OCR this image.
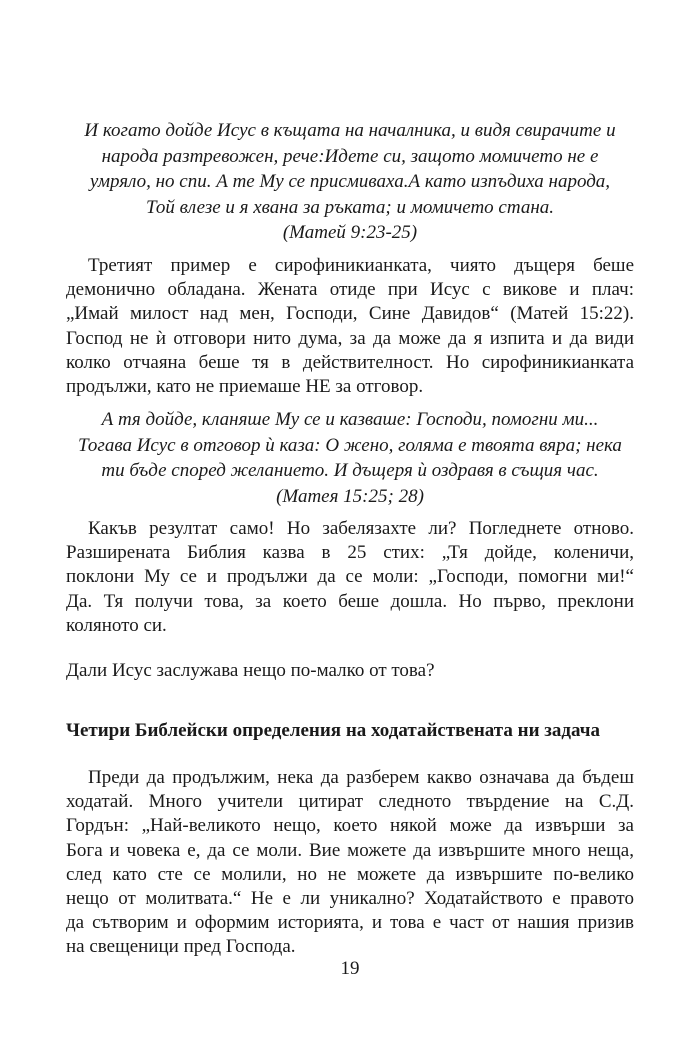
И когато дойде Исус в къщата на началника, и видя свирачите и
народа разтревожен, рече:Идете си, защото момичето не е
умряло, но спи. А те Му се присмиваха.А като изпъдиха народа,
Той влезе и я хвана за ръката; и момичето стана.
(Матей 9:23-25)
Третият пример е сирофиникианката, чиято дъщеря беше
демонично обладана. Жената отиде при Исус с викове и плач:
„Имай милост над мен, Господи, Сине Давидов“ (Матей 15:22).
Господ не ѝ отговори нито дума, за да може да я изпита и да види
колко отчаяна беше тя в действителност. Но сирофиникианката
продължи, като не приемаше НЕ за отговор.
А тя дойде, кланяше Му се и казваше: Господи, помогни ми...
Тогава Исус в отговор ѝ каза: О жено, голяма е твоята вяра; нека
ти бъде според желанието. И дъщеря ѝ оздравя в същия час.
(Матея 15:25; 28)
Какъв резултат само! Но забелязахте ли? Погледнете отново.
Разширената Библия казва в 25 стих: „Тя дойде, коленичи,
поклони Му се и продължи да се моли: „Господи, помогни ми!“
Да. Тя получи това, за което беше дошла. Но първо, преклони
коляното си.
Дали Исус заслужава нещо по-малко от това?
Четири Библейски определения на ходатайствената ни задача
Преди да продължим, нека да разберем какво означава да бъдеш
ходатай. Много учители цитират следното твърдение на С.Д.
Гордън: „Най-великото нещо, което някой може да извърши за
Бога и човека е, да се моли. Вие можете да извършите много неща,
след като сте се молили, но не можете да извършите по-велико
нещо от молитвата.“ Не е ли уникално? Ходатайството е правото
да сътворим и оформим историята, и това е част от нашия призив
на свещеници пред Господа.
19
